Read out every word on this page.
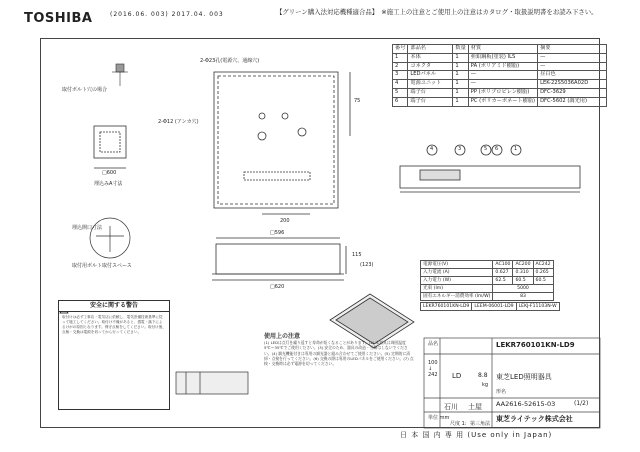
TOSHIBA	(2016.06. 003) 2017.04. 003	【グリーン購入法対応機種適合品】　※施工上の注意とご使用上の注意はカタログ・取扱説明書をお読み下さい。
番号	部品名	数量	材質	摘要
1	本体	1	亜鉛鋼板(塗装) ILS	—
2	コネクタ	1	PA (ポリアミド樹脂)	—
3	LEDパネル	1	—	昼白色
4	電源ユニット	1	—	LEK-22S5036A02D
5	端子台	1	PP (ポリプロピレン樹脂)	DFC-3629
6	端子台	1	PC (ポリカーボネート樹脂)	DFC-5602 (調光用)
2-Φ23孔(電源穴、通線穴)
2-Φ12 (アンカ穴)
75
200
□596
□620
115
(123)
取付ボルト穴の場合
□600
埋込みA寸法
埋込開口寸法
取付用ボルト取付スペース
4	3	5 6	1
電源電圧(V)	AC100	AC200	AC242
入力電流 (A)	0.627	0.310	0.265
入力電力 (W)	62.5	60.5	60.5
光束 (lm)	5000		
固有エネルギー消費効率 (lm/W)	83		
LEKR760101KN-LD9	LEEM-06001-LD9	LEKJ-F11103N-W
安全に関する警告
取付けは必ず工事店・電気店に依頼し、電気設備技術基準に従って施工してください。取付け不備があると、感電・落下によるけがの原因となります。保守点検をしてください。取付け後、点検・交換は電源を切ってから行ってください。
使用上の注意
(1) LEDは点灯を繰り返すと寿命が短くなることがあります。(2) 本器具は周囲温度5℃〜35℃でご使用ください。(3) 安全のため、器具の改造・分解はしないでください。(4) 調光機能付きは専用の調光器と組み合わせてご使用ください。(5) 定期的に清掃・点検を行ってください。(6) 交換の際は専用のLEDパネルをご使用ください。(7) 点検・交換時は必ず電源を切ってください。
品名	LEKR760101KN-LD9
100 ↓ 242 LD	8.8
kg
東芝LED照明器具
形名
AA2616-52615-03	(1/2)
石川 土屋
東芝ライテック株式会社
単位 mm
尺度 1: 第三角法
日 本 国 内 専 用 (Use only in Japan)
